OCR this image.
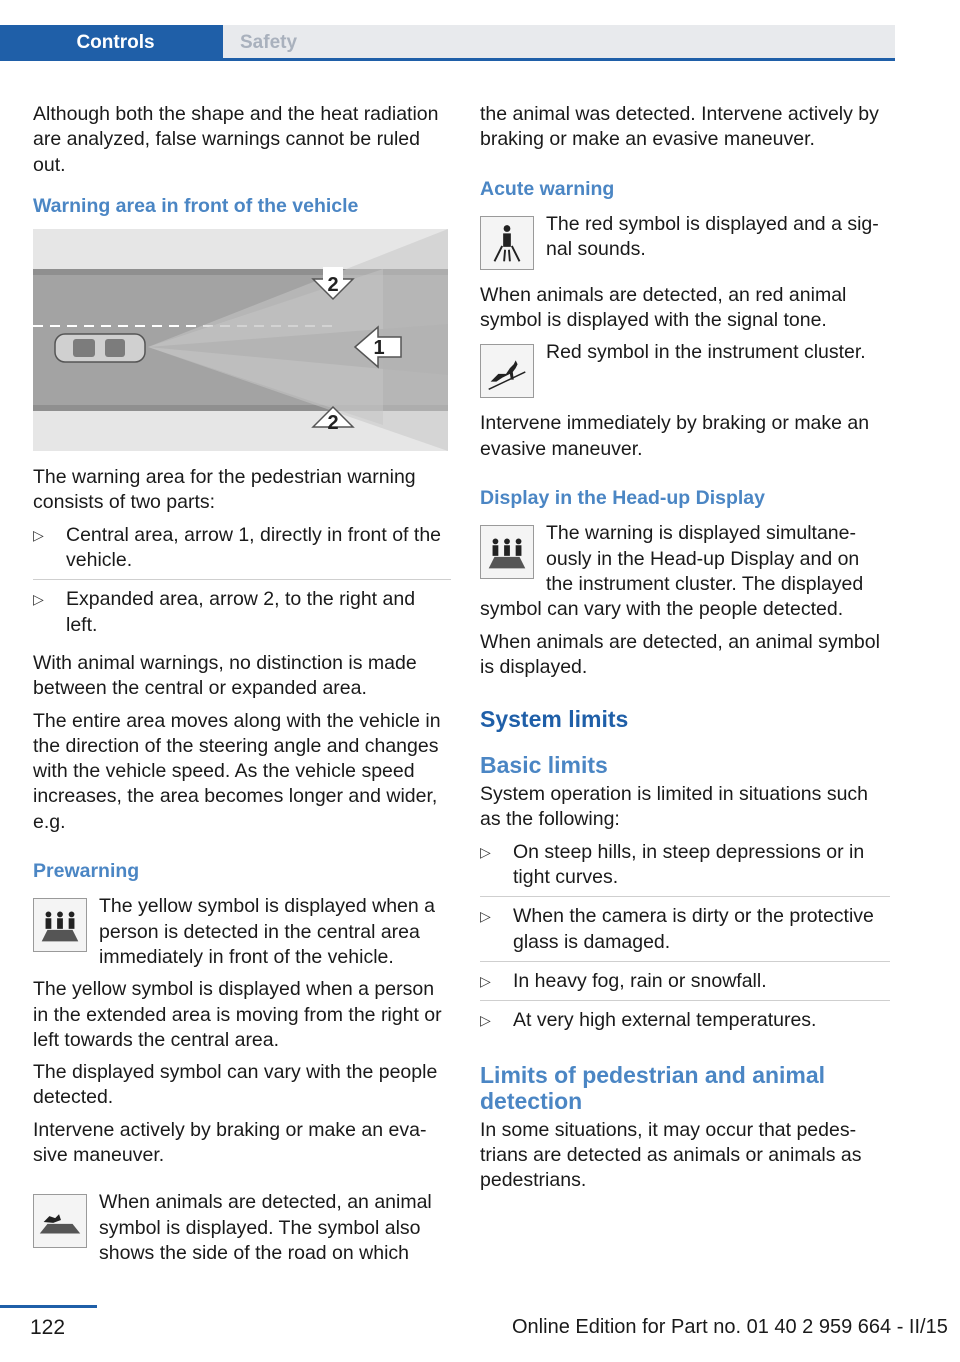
Controls	Safety

Although both the shape and the heat radiation are analyzed, false warnings cannot be ruled out.

Warning area in front of the vehicle
2
1
2

The warning area for the pedestrian warning consists of two parts:

▷ Central area, arrow 1, directly in front of the vehicle.
▷ Expanded area, arrow 2, to the right and left.

With animal warnings, no distinction is made between the central or expanded area.

The entire area moves along with the vehicle in the direction of the steering angle and changes with the vehicle speed. As the vehicle speed increases, the area becomes longer and wider, e.g.

Prewarning
The yellow symbol is displayed when a person is detected in the central area immediately in front of the vehicle.

The yellow symbol is displayed when a person in the extended area is moving from the right or left towards the central area.

The displayed symbol can vary with the people detected.

Intervene actively by braking or make an evasive maneuver.

When animals are detected, an animal symbol is displayed. The symbol also shows the side of the road on which

the animal was detected. Intervene actively by braking or make an evasive maneuver.

Acute warning
The red symbol is displayed and a signal sounds.

When animals are detected, an red animal symbol is displayed with the signal tone.

Red symbol in the instrument cluster.

Intervene immediately by braking or make an evasive maneuver.

Display in the Head-up Display
The warning is displayed simultaneously in the Head-up Display and on the instrument cluster. The displayed

symbol can vary with the people detected.

When animals are detected, an animal symbol is displayed.

System limits
Basic limits

System operation is limited in situations such as the following:

▷ On steep hills, in steep depressions or in tight curves.
▷ When the camera is dirty or the protective glass is damaged.
▷ In heavy fog, rain or snowfall.
▷ At very high external temperatures.
Limits of pedestrian and animal detection

In some situations, it may occur that pedestrians are detected as animals or animals as pedestrians.

122	Online Edition for Part no. 01 40 2 959 664 - II/15
